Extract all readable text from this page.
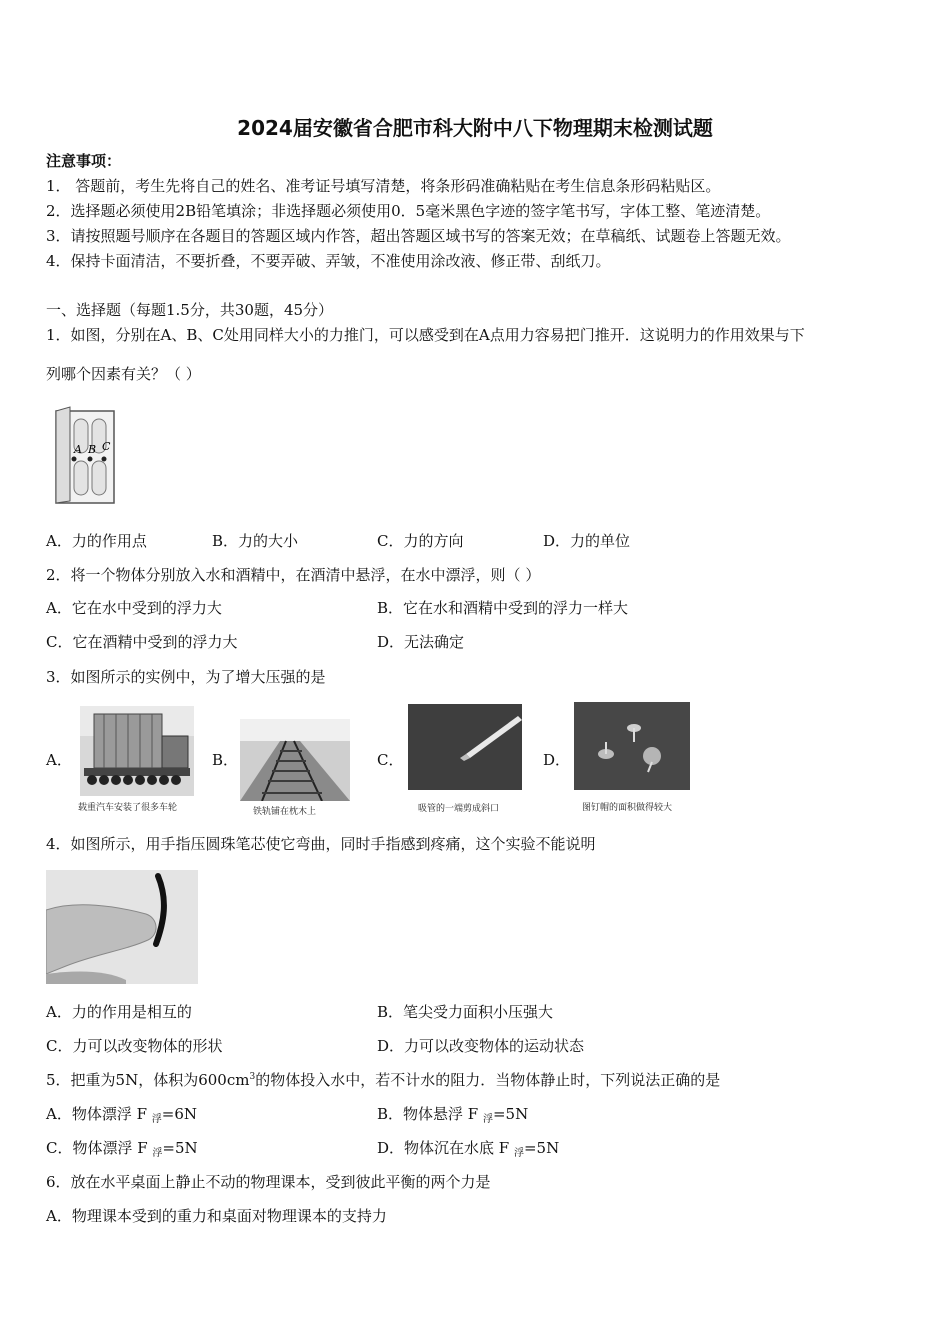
2024届安徽省合肥市科大附中八下物理期末检测试题
注意事项：
1． 答题前，考生先将自己的姓名、准考证号填写清楚，将条形码准确粘贴在考生信息条形码粘贴区。
2．选择题必须使用2B铅笔填涂；非选择题必须使用0．5毫米黑色字迹的签字笔书写，字体工整、笔迹清楚。
3．请按照题号顺序在各题目的答题区域内作答，超出答题区域书写的答案无效；在草稿纸、试题卷上答题无效。
4．保持卡面清洁，不要折叠，不要弄破、弄皱，不准使用涂改液、修正带、刮纸刀。
一、选择题（每题1.5分，共30题，45分）
1．如图，分别在A、B、C处用同样大小的力推门，可以感受到在A点用力容易把门推开．这说明力的作用效果与下
列哪个因素有关？（ ）
A B C
A．力的作用点	B．力的大小	C．力的方向	D．力的单位
2．将一个物体分别放入水和酒精中，在酒清中悬浮，在水中漂浮，则（ ）
A．它在水中受到的浮力大	B．它在水和酒精中受到的浮力一样大
C．它在酒精中受到的浮力大	D．无法确定
3．如图所示的实例中，为了增大压强的是
A．
载重汽车安装了很多车轮
B．
铁轨铺在枕木上
C．
吸管的一端剪成斜口
D．
图钉帽的面积做得较大
4．如图所示，用手指压圆珠笔芯使它弯曲，同时手指感到疼痛，这个实验不能说明
A．力的作用是相互的	B．笔尖受力面积小压强大
C．力可以改变物体的形状	D．力可以改变物体的运动状态
5．把重为5N，体积为$600cm^3$的物体投入水中，若不计水的阻力．当物体静止时，下列说法正确的是
A．物体漂浮 F $_浮$=6N	B．物体悬浮 F $_浮$=5N
C．物体漂浮 F $_浮$=5N	D．物体沉在水底 F $_浮$=5N
6．放在水平桌面上静止不动的物理课本，受到彼此平衡的两个力是
A．物理课本受到的重力和桌面对物理课本的支持力
